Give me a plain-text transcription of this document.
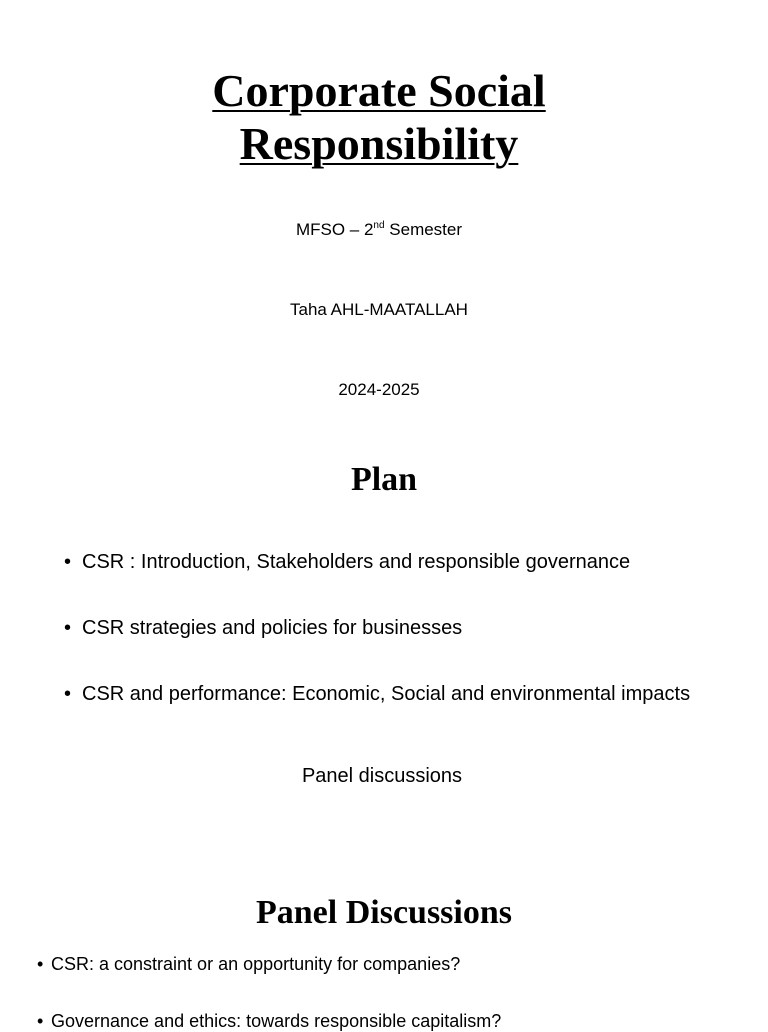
Corporate Social
Responsibility
MFSO – 2nd Semester
Taha AHL-MAATALLAH
2024-2025
Plan
• CSR : Introduction, Stakeholders and responsible governance
• CSR strategies and policies for businesses
• CSR and performance: Economic, Social and environmental impacts
Panel discussions
Panel Discussions
• CSR: a constraint or an opportunity for companies?
• Governance and ethics: towards responsible capitalism?
